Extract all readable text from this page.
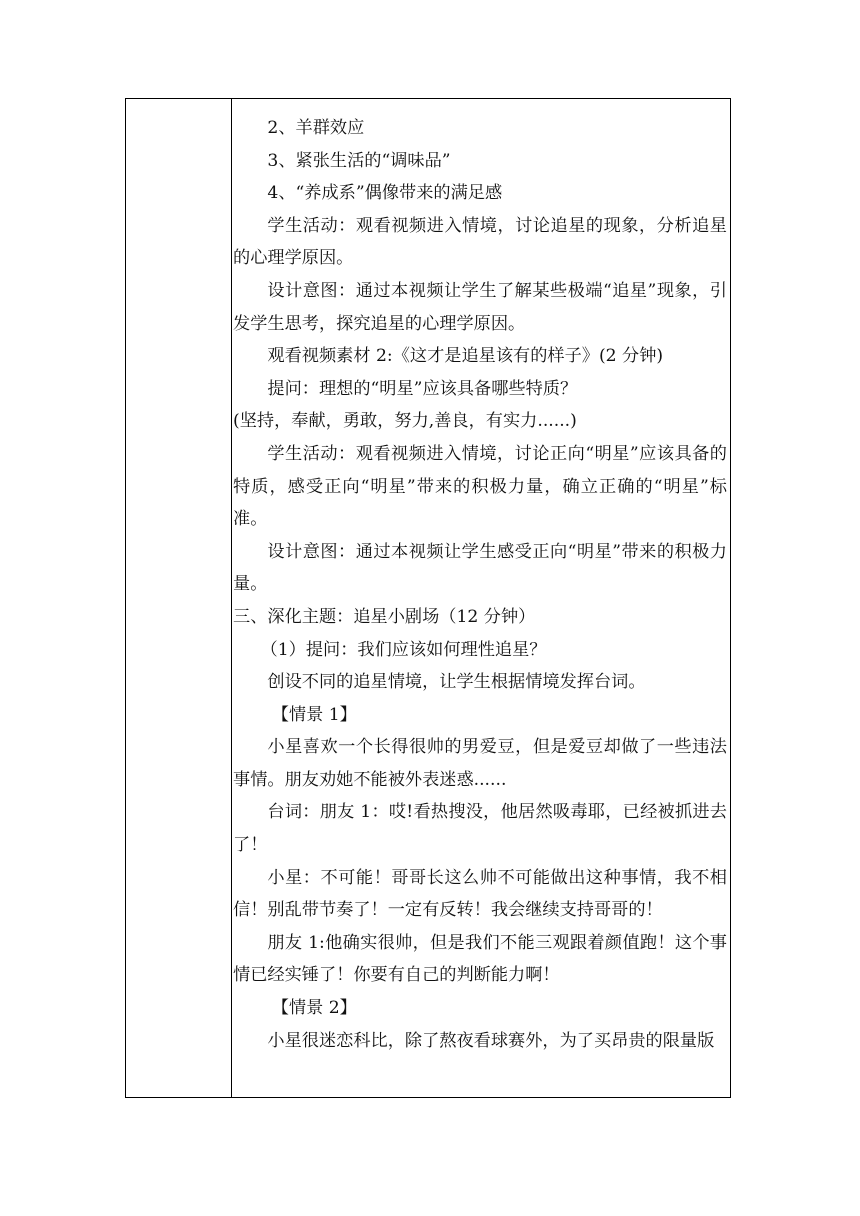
2、羊群效应

3、紧张生活的“调味品”

4、“养成系”偶像带来的满足感

学生活动：观看视频进入情境，讨论追星的现象，分析追星的心理学原因。

设计意图：通过本视频让学生了解某些极端“追星”现象，引发学生思考，探究追星的心理学原因。

观看视频素材 2:《这才是追星该有的样子》(2 分钟)

提问：理想的“明星”应该具备哪些特质？

(坚持，奉献，勇敢，努力,善良，有实力......)

学生活动：观看视频进入情境，讨论正向“明星”应该具备的特质，感受正向“明星”带来的积极力量，确立正确的“明星”标准。

设计意图：通过本视频让学生感受正向“明星”带来的积极力量。

三、深化主题：追星小剧场（12 分钟）

（1）提问：我们应该如何理性追星？

创设不同的追星情境，让学生根据情境发挥台词。

【情景 1】

小星喜欢一个长得很帅的男爱豆，但是爱豆却做了一些违法事情。朋友劝她不能被外表迷惑......

台词：朋友 1：哎!看热搜没，他居然吸毒耶，已经被抓进去了！

小星：不可能！哥哥长这么帅不可能做出这种事情，我不相信！别乱带节奏了！一定有反转！我会继续支持哥哥的！

朋友 1:他确实很帅，但是我们不能三观跟着颜值跑！这个事情已经实锤了！你要有自己的判断能力啊！

【情景 2】

小星很迷恋科比，除了熬夜看球赛外，为了买昂贵的限量版
